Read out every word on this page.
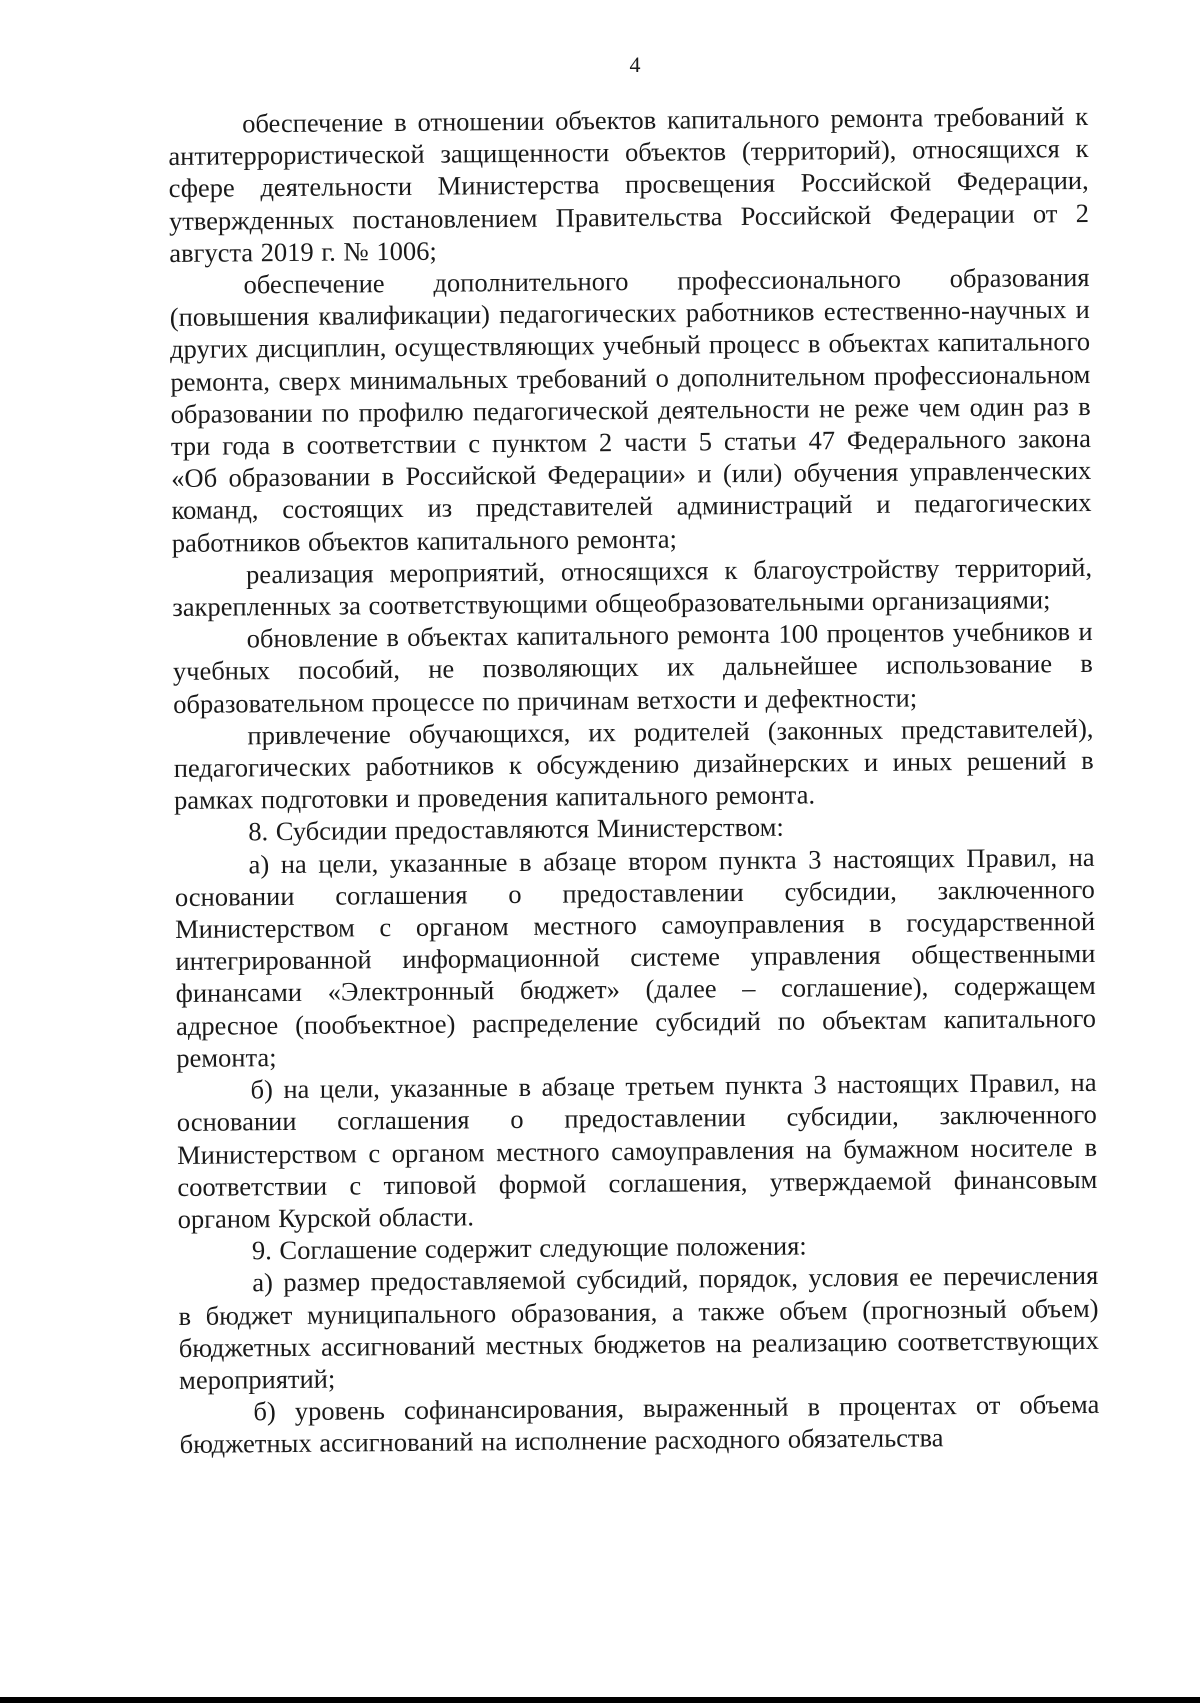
4

обеспечение в отношении объектов капитального ремонта требований к антитеррористической защищенности объектов (территорий), относящихся к сфере деятельности Министерства просвещения Российской Федерации, утвержденных постановлением Правительства Российской Федерации от 2 августа 2019 г. № 1006;

обеспечение дополнительного профессионального образования (повышения квалификации) педагогических работников естественно-научных и других дисциплин, осуществляющих учебный процесс в объектах капитального ремонта, сверх минимальных требований о дополнительном профессиональном образовании по профилю педагогической деятельности не реже чем один раз в три года в соответствии с пунктом 2 части 5 статьи 47 Федерального закона «Об образовании в Российской Федерации» и (или) обучения управленческих команд, состоящих из представителей администраций и педагогических работников объектов капитального ремонта;

реализация мероприятий, относящихся к благоустройству территорий, закрепленных за соответствующими общеобразовательными организациями;

обновление в объектах капитального ремонта 100 процентов учебников и учебных пособий, не позволяющих их дальнейшее использование в образовательном процессе по причинам ветхости и дефектности;

привлечение обучающихся, их родителей (законных представителей), педагогических работников к обсуждению дизайнерских и иных решений в рамках подготовки и проведения капитального ремонта.

8. Субсидии предоставляются Министерством:

а) на цели, указанные в абзаце втором пункта 3 настоящих Правил, на основании соглашения о предоставлении субсидии, заключенного Министерством с органом местного самоуправления в государственной интегрированной информационной системе управления общественными финансами «Электронный бюджет» (далее – соглашение), содержащем адресное (пообъектное) распределение субсидий по объектам капитального ремонта;

б) на цели, указанные в абзаце третьем пункта 3 настоящих Правил, на основании соглашения о предоставлении субсидии, заключенного Министерством с органом местного самоуправления на бумажном носителе в соответствии с типовой формой соглашения, утверждаемой финансовым органом Курской области.

9. Соглашение содержит следующие положения:

а) размер предоставляемой субсидий, порядок, условия ее перечисления в бюджет муниципального образования, а также объем (прогнозный объем) бюджетных ассигнований местных бюджетов на реализацию соответствующих мероприятий;

б) уровень софинансирования, выраженный в процентах от объема бюджетных ассигнований на исполнение расходного обязательства
